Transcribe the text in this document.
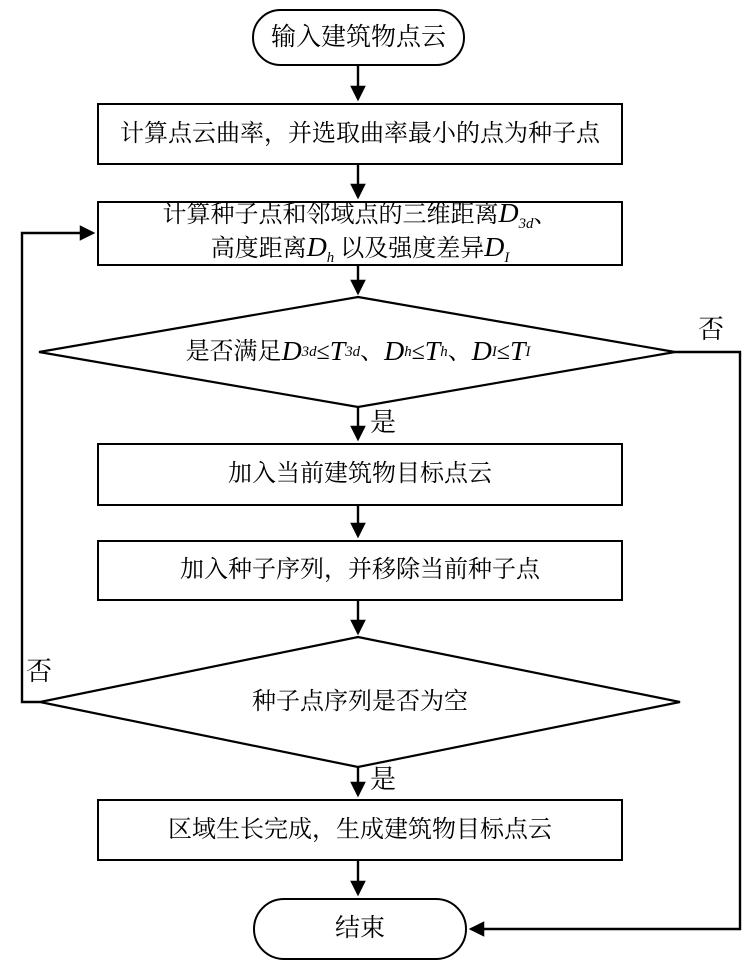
输入建筑物点云
计算点云曲率，并选取曲率最小的点为种子点
计算种子点和邻域点的三维距离$D_{3d}$、
高度距离$D_h$ 以及强度差异$D_I$
是否满足 D 3d ≤ T 3d 、 D h ≤ T h 、 D I ≤ T I
加入当前建筑物目标点云
加入种子序列，并移除当前种子点
种子点序列是否为空
区域生长完成，生成建筑物目标点云
结束
是
否
是
否
